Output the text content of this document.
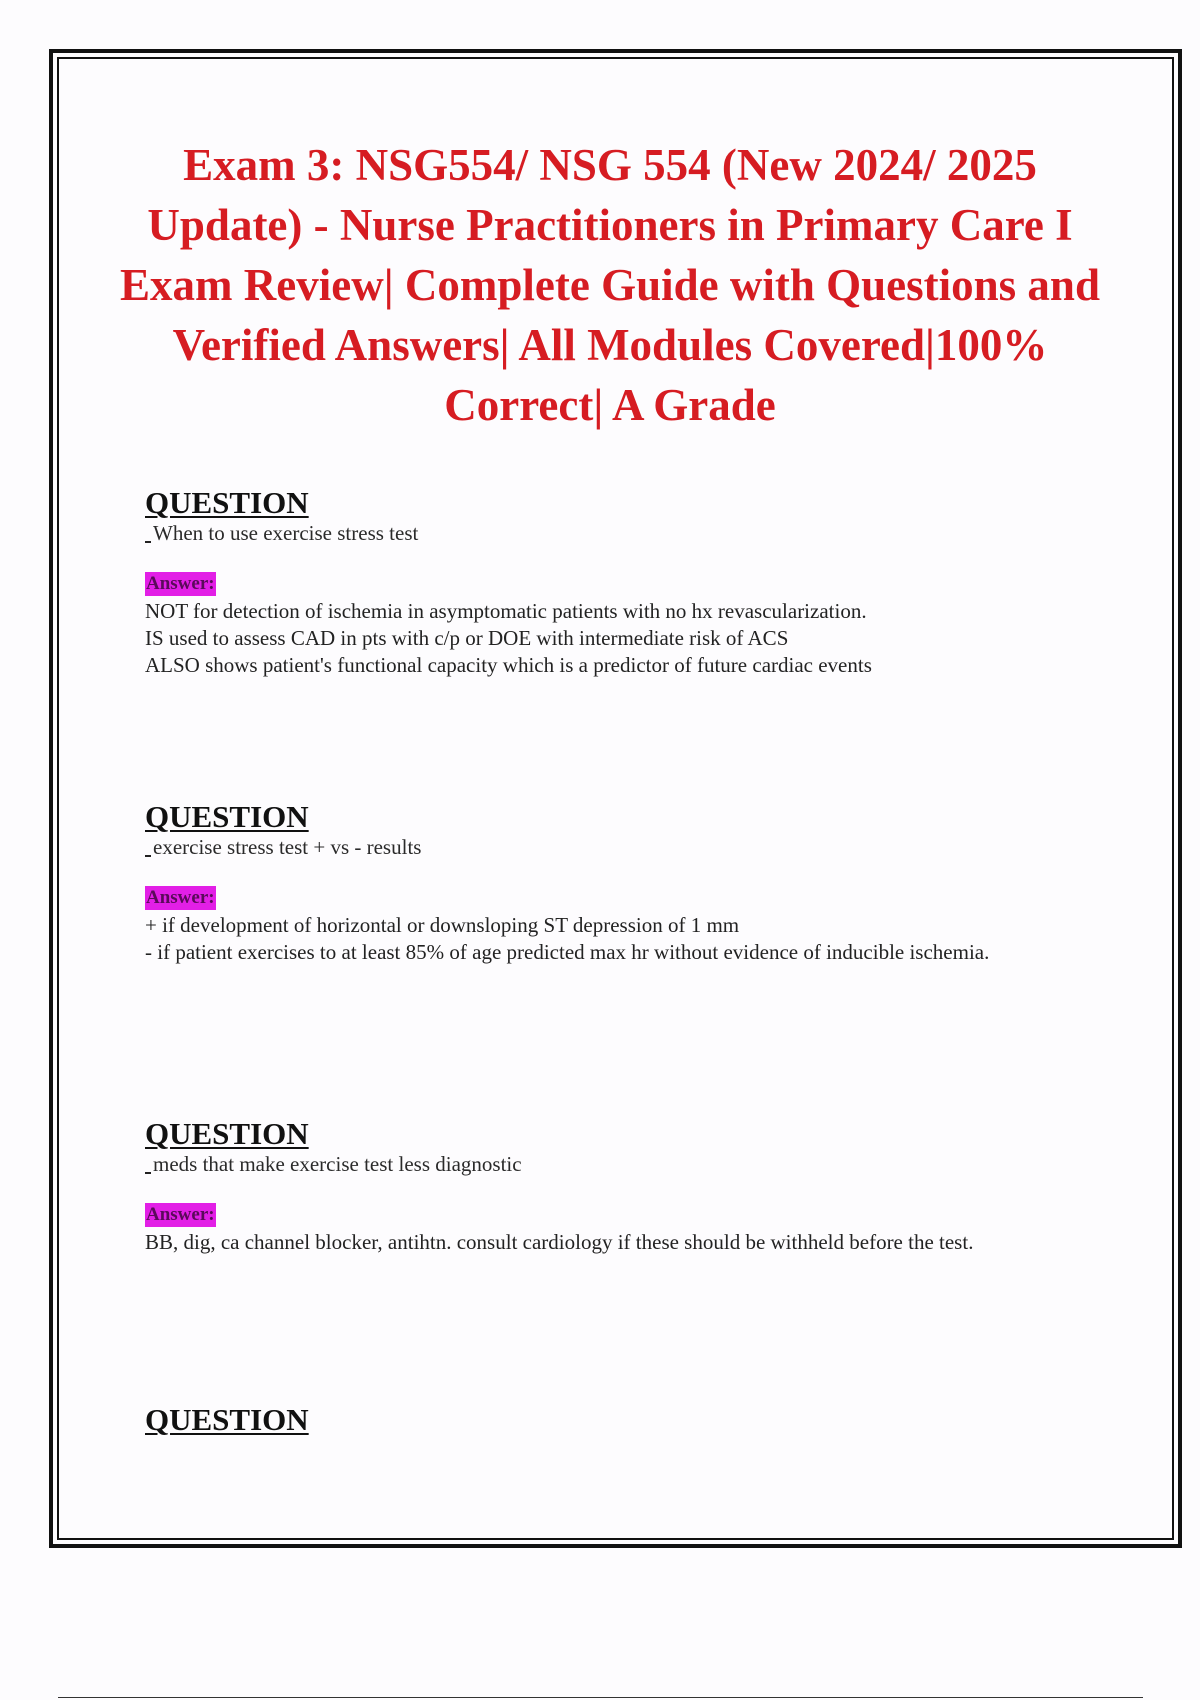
Exam 3: NSG554/ NSG 554 (New 2024/ 2025 Update) - Nurse Practitioners in Primary Care I Exam Review| Complete Guide with Questions and Verified Answers| All Modules Covered|100% Correct| A Grade
QUESTION
When to use exercise stress test
Answer:
NOT for detection of ischemia in asymptomatic patients with no hx revascularization.
IS used to assess CAD in pts with c/p or DOE with intermediate risk of ACS
ALSO shows patient's functional capacity which is a predictor of future cardiac events
QUESTION
exercise stress test + vs - results
Answer:
+ if development of horizontal or downsloping ST depression of 1 mm
- if patient exercises to at least 85% of age predicted max hr without evidence of inducible ischemia.
QUESTION
meds that make exercise test less diagnostic
Answer:
BB, dig, ca channel blocker, antihtn. consult cardiology if these should be withheld before the test.
QUESTION
